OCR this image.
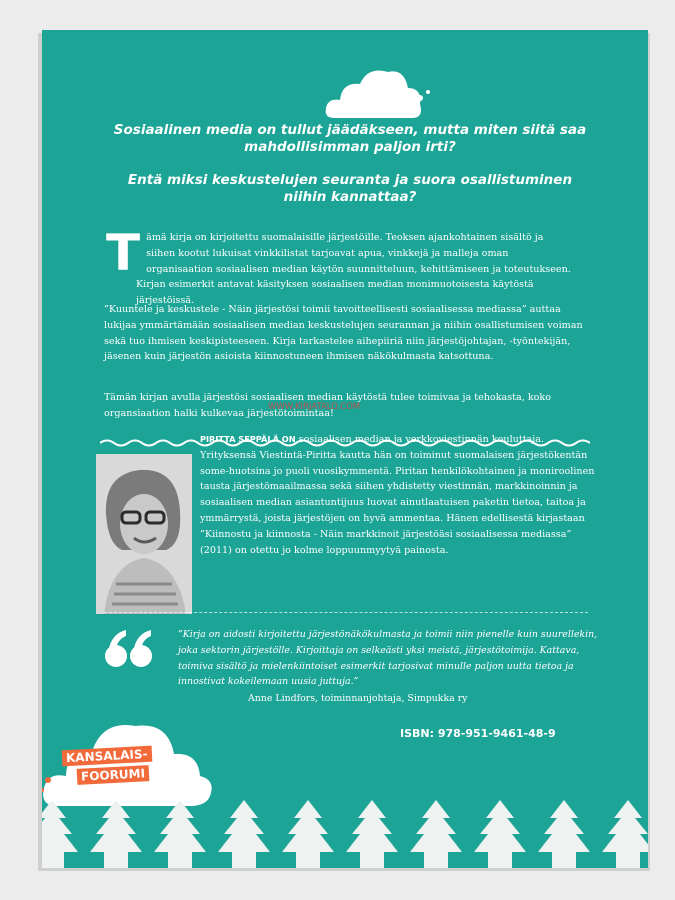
Sosiaalinen media on tullut jäädäkseen, mutta miten siitä saa mahdollisimman paljon irti?
Entä miksi keskustelujen seuranta ja suora osallistuminen niihin kannattaa?
T ämä kirja on kirjoitettu suomalaisille järjestöille. Teoksen ajankohtainen sisältö ja siihen kootut lukuisat vinkkilistat tarjoavat apua, vinkkejä ja malleja oman organisaation sosiaalisen median käytön suunnitteluun, kehittämiseen ja toteutukseen. Kirjan esimerkit antavat käsityksen sosiaalisen median monimuotoisesta käytöstä järjestöissä.
”Kuuntele ja keskustele - Näin järjestösi toimii tavoitteellisesti sosiaalisessa mediassa” auttaa lukijaa ymmärtämään sosiaalisen median keskustelujen seurannan ja niihin osallistumisen voiman sekä tuo ihmisen keskipisteeseen. Kirja tarkastelee aihepiiriä niin järjestöjohtajan, -työntekijän, jäsenen kuin järjestön asioista kiinnostuneen ihmisen näkökulmasta katsottuna.
Tämän kirjan avulla järjestösi sosiaalisen median käytöstä tulee toimivaa ja tehokasta, koko organsiaation halki kulkevaa järjestötoimintaa!
WWW.KIRJATALO.COM
PIRITTA SEPPÄLÄ ON sosiaalisen median ja verkkoviestinnän kouluttaja. Yrityksensä Viestintä-Piritta kautta hän on toiminut suomalaisen järjestökentän some-huotsina jo puoli vuosikymmentä. Piritan henkilökohtainen ja moniroolinen tausta järjestömaailmassa sekä siihen yhdistetty viestinnän, markkinoinnin ja sosiaalisen median asiantuntijuus luovat ainutlaatuisen paketin tietoa, taitoa ja ymmärrystä, joista järjestöjen on hyvä ammentaa. Hänen edellisestä kirjastaan ”Kiinnostu ja kiinnosta - Näin markkinoit järjestöäsi sosiaalisessa mediassa” (2011) on otettu jo kolme loppuunmyytyä painosta.
”Kirja on aidosti kirjoitettu järjestönäkökulmasta ja toimii niin pienelle kuin suurellekin, joka sektorin järjestölle. Kirjoittaja on selkeästi yksi meistä, järjestötoimija. Kattava, toimiva sisältö ja mielenkiintoiset esimerkit tarjosivat minulle paljon uutta tietoa ja innostivat kokeilemaan uusia juttuja.”
Anne Lindfors, toiminnanjohtaja, Simpukka ry
ISBN: 978-951-9461-48-9
KANSALAIS-
FOORUMI
